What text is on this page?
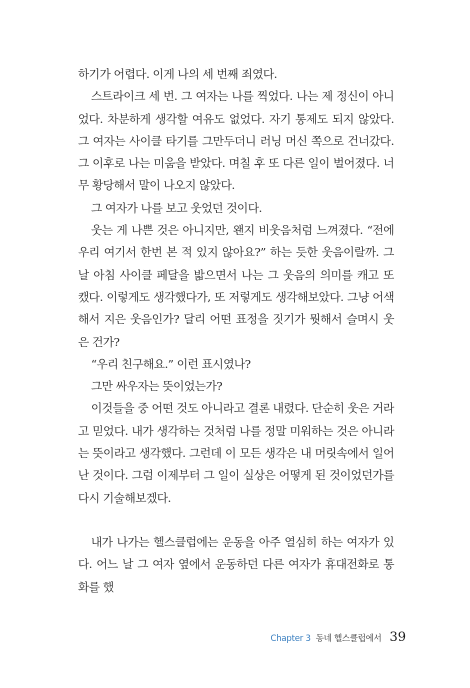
하기가 어렵다. 이게 나의 세 번째 죄였다.

스트라이크 세 번. 그 여자는 나를 찍었다. 나는 제 정신이 아니었다. 차분하게 생각할 여유도 없었다. 자기 통제도 되지 않았다. 그 여자는 사이클 타기를 그만두더니 러닝 머신 쪽으로 건너갔다. 그 이후로 나는 미움을 받았다. 며칠 후 또 다른 일이 벌어졌다. 너무 황당해서 말이 나오지 않았다.

그 여자가 나를 보고 웃었던 것이다.

웃는 게 나쁜 것은 아니지만, 왠지 비웃음처럼 느껴졌다. “전에 우리 여기서 한번 본 적 있지 않아요?” 하는 듯한 웃음이랄까. 그날 아침 사이클 페달을 밟으면서 나는 그 웃음의 의미를 캐고 또 캤다. 이렇게도 생각했다가, 또 저렇게도 생각해보았다. 그냥 어색해서 지은 웃음인가? 달리 어떤 표정을 짓기가 뭣해서 슬며시 웃은 건가?

“우리 친구해요.” 이런 표시였나?

그만 싸우자는 뜻이었는가?

이것들을 중 어떤 것도 아니라고 결론 내렸다. 단순히 웃은 거라고 믿었다. 내가 생각하는 것처럼 나를 정말 미워하는 것은 아니라는 뜻이라고 생각했다. 그런데 이 모든 생각은 내 머릿속에서 일어난 것이다. 그럼 이제부터 그 일이 실상은 어떻게 된 것이었던가를 다시 기술해보겠다.

내가 나가는 헬스클럽에는 운동을 아주 열심히 하는 여자가 있다. 어느 날 그 여자 옆에서 운동하던 다른 여자가 휴대전화로 통화를 했

Chapter 3 동네 헬스클럽에서 39
